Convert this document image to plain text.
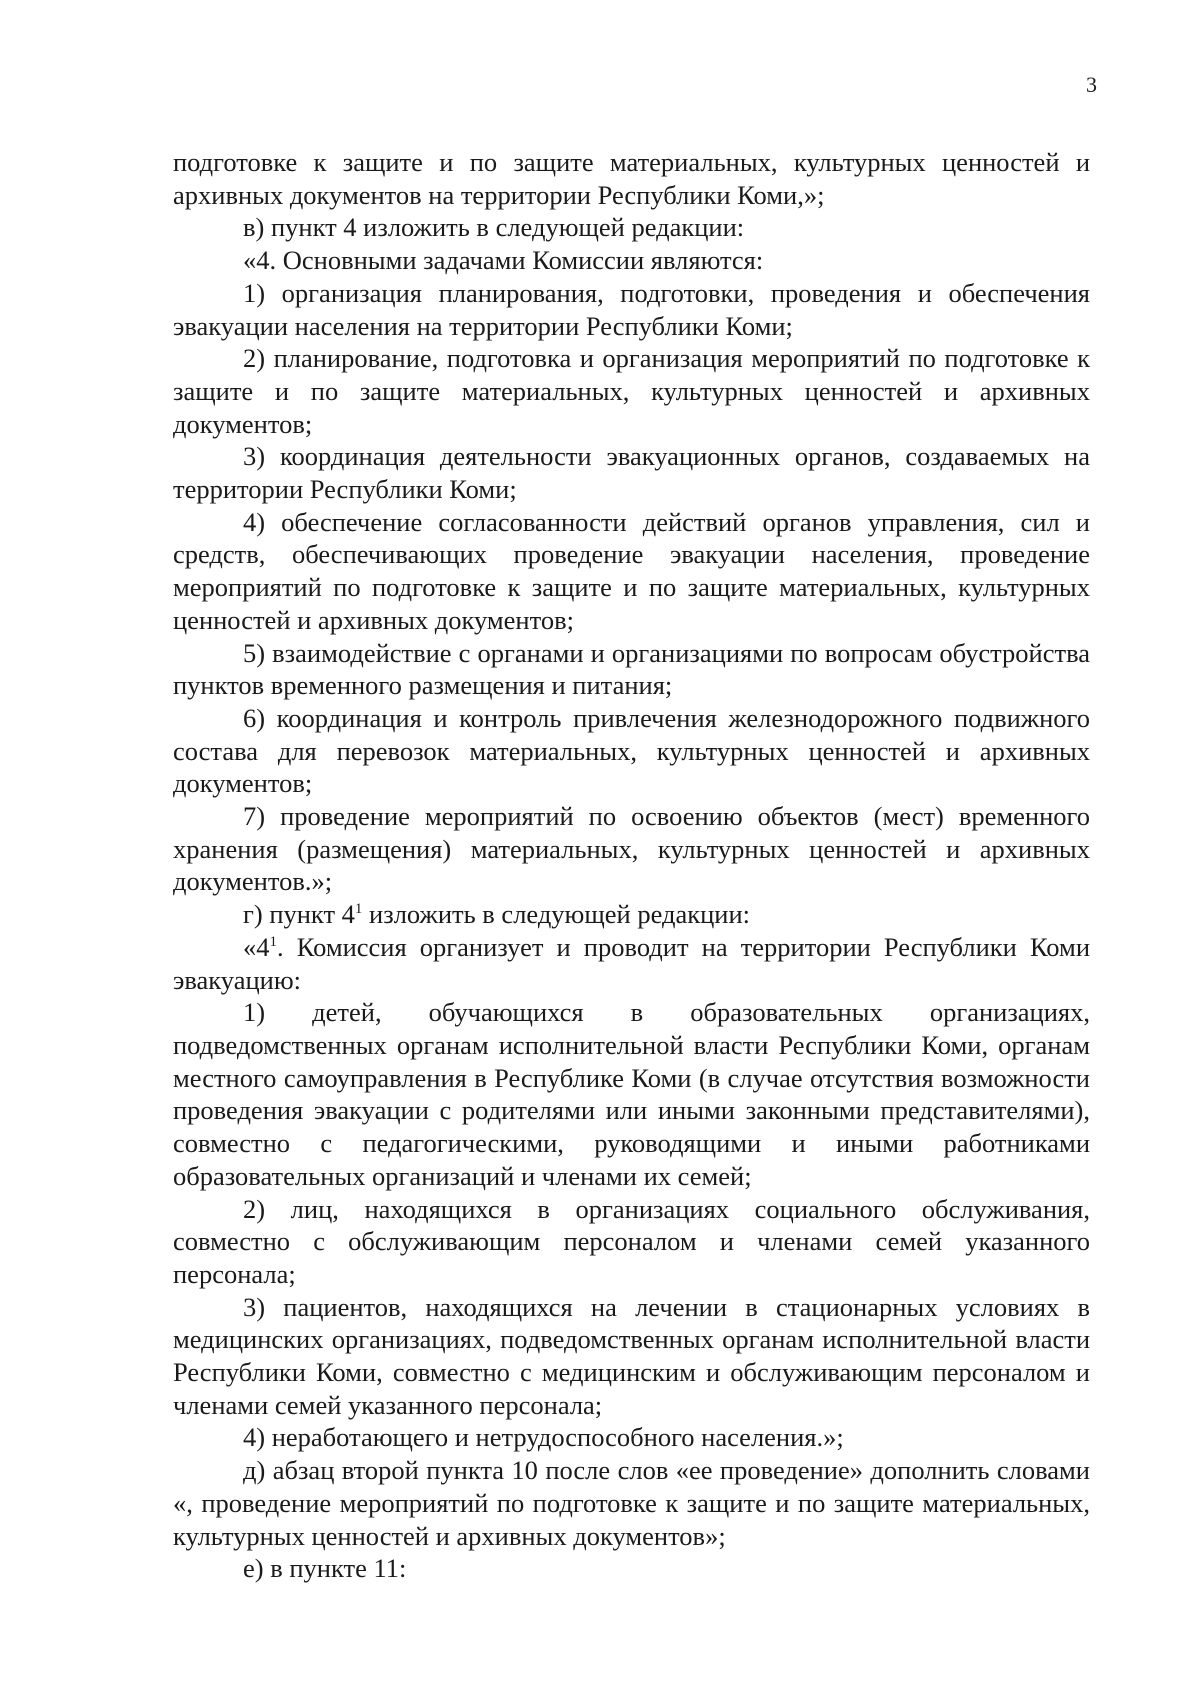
3

подготовке к защите и по защите материальных, культурных ценностей и архивных документов на территории Республики Коми,»;

в) пункт 4 изложить в следующей редакции:

«4. Основными задачами Комиссии являются:

1) организация планирования, подготовки, проведения и обеспечения эвакуации населения на территории Республики Коми;

2) планирование, подготовка и организация мероприятий по подготовке к защите и по защите материальных, культурных ценностей и архивных документов;

3) координация деятельности эвакуационных органов, создаваемых на территории Республики Коми;

4) обеспечение согласованности действий органов управления, сил и средств, обеспечивающих проведение эвакуации населения, проведение мероприятий по подготовке к защите и по защите материальных, культурных ценностей и архивных документов;

5) взаимодействие с органами и организациями по вопросам обустройства пунктов временного размещения и питания;

6) координация и контроль привлечения железнодорожного подвижного состава для перевозок материальных, культурных ценностей и архивных документов;

7) проведение мероприятий по освоению объектов (мест) временного хранения (размещения) материальных, культурных ценностей и архивных документов.»;

г) пункт $4^1$ изложить в следующей редакции:

«$4^1$. Комиссия организует и проводит на территории Республики Коми эвакуацию:

1) детей, обучающихся в образовательных организациях, подведомственных органам исполнительной власти Республики Коми, органам местного самоуправления в Республике Коми (в случае отсутствия возможности проведения эвакуации с родителями или иными законными представителями), совместно с педагогическими, руководящими и иными работниками образовательных организаций и членами их семей;

2) лиц, находящихся в организациях социального обслуживания, совместно с обслуживающим персоналом и членами семей указанного персонала;

3) пациентов, находящихся на лечении в стационарных условиях в медицинских организациях, подведомственных органам исполнительной власти Республики Коми, совместно с медицинским и обслуживающим персоналом и членами семей указанного персонала;

4) неработающего и нетрудоспособного населения.»;

д) абзац второй пункта 10 после слов «ее проведение» дополнить словами «, проведение мероприятий по подготовке к защите и по защите материальных, культурных ценностей и архивных документов»;

е) в пункте 11:
